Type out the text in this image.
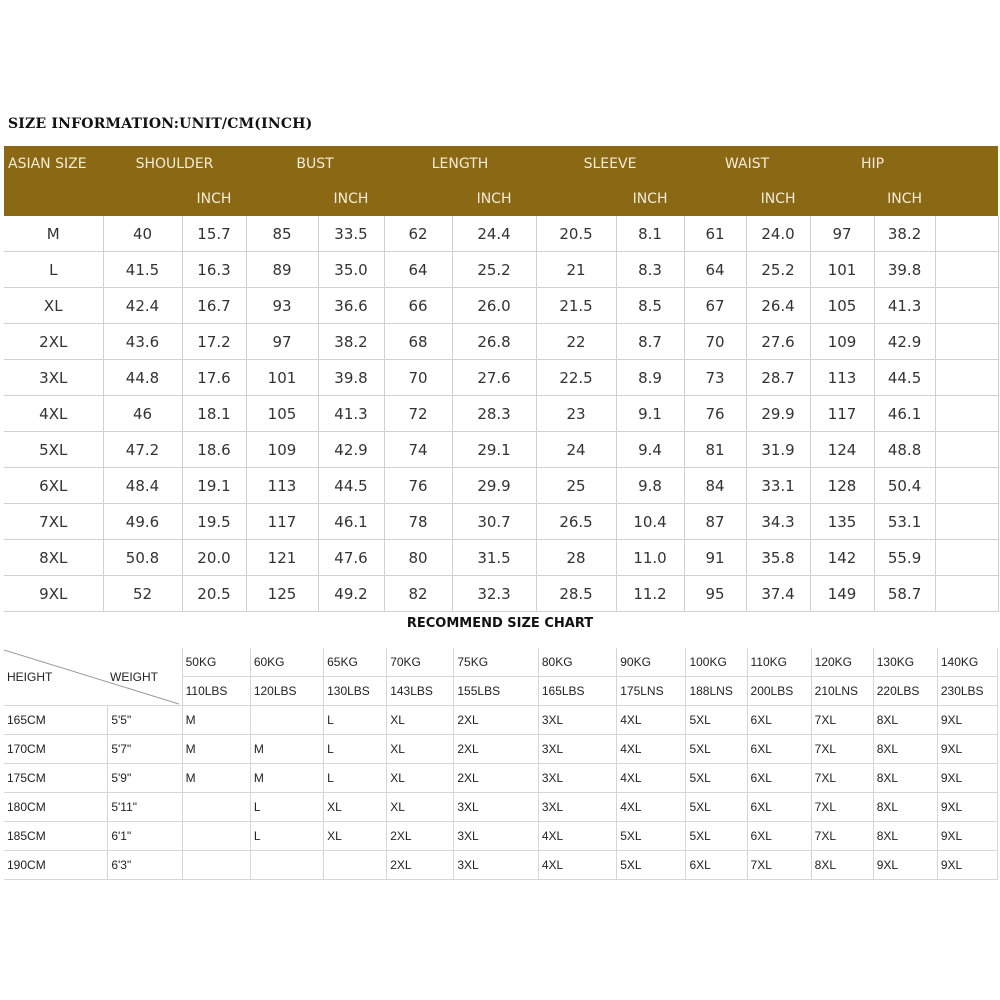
SIZE INFORMATION:UNIT/CM(INCH)
ASIAN SIZE	SHOULDER		BUST		LENGTH		SLEEVE		WAIST		HIP		
		INCH		INCH		INCH		INCH		INCH		INCH	
M	40	15.7	85	33.5	62	24.4	20.5	8.1	61	24.0	97	38.2	
L	41.5	16.3	89	35.0	64	25.2	21	8.3	64	25.2	101	39.8	
XL	42.4	16.7	93	36.6	66	26.0	21.5	8.5	67	26.4	105	41.3	
2XL	43.6	17.2	97	38.2	68	26.8	22	8.7	70	27.6	109	42.9	
3XL	44.8	17.6	101	39.8	70	27.6	22.5	8.9	73	28.7	113	44.5	
4XL	46	18.1	105	41.3	72	28.3	23	9.1	76	29.9	117	46.1	
5XL	47.2	18.6	109	42.9	74	29.1	24	9.4	81	31.9	124	48.8	
6XL	48.4	19.1	113	44.5	76	29.9	25	9.8	84	33.1	128	50.4	
7XL	49.6	19.5	117	46.1	78	30.7	26.5	10.4	87	34.3	135	53.1	
8XL	50.8	20.0	121	47.6	80	31.5	28	11.0	91	35.8	142	55.9	
9XL	52	20.5	125	49.2	82	32.3	28.5	11.2	95	37.4	149	58.7	
RECOMMEND SIZE CHART
HEIGHT WEIGHT		50KG	60KG	65KG	70KG	75KG	80KG	90KG	100KG	110KG	120KG	130KG	140KG
		110LBS	120LBS	130LBS	143LBS	155LBS	165LBS	175LNS	188LNS	200LBS	210LNS	220LBS	230LBS
165CM	5'5"	M		L	XL	2XL	3XL	4XL	5XL	6XL	7XL	8XL	9XL
170CM	5'7"	M	M	L	XL	2XL	3XL	4XL	5XL	6XL	7XL	8XL	9XL
175CM	5'9"	M	M	L	XL	2XL	3XL	4XL	5XL	6XL	7XL	8XL	9XL
180CM	5'11"		L	XL	XL	3XL	3XL	4XL	5XL	6XL	7XL	8XL	9XL
185CM	6'1"		L	XL	2XL	3XL	4XL	5XL	5XL	6XL	7XL	8XL	9XL
190CM	6'3"				2XL	3XL	4XL	5XL	6XL	7XL	8XL	9XL	9XL
